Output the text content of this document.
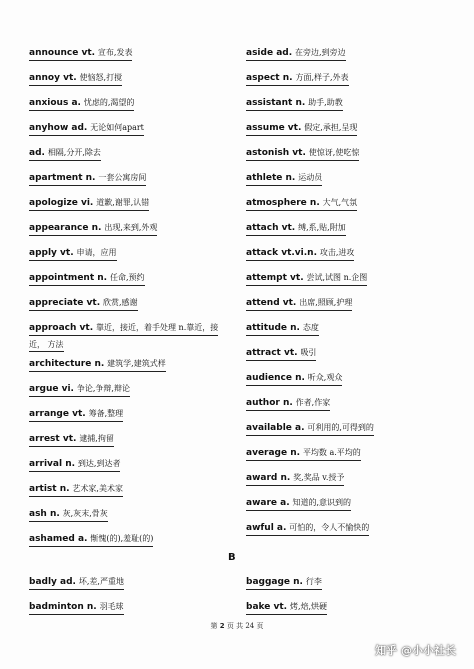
announce vt. 宣布,发表
annoy vt. 使恼怒,打搅
anxious a. 忧虑的,渴望的
anyhow ad. 无论如何apart
ad. 相隔,分开,除去
apartment n. 一套公寓房间
apologize vi. 道歉,谢罪,认错
appearance n. 出现,来到,外观
apply vt. 申请，应用
appointment n. 任命,预约
appreciate vt. 欣赏,感谢
approach vt. 靠近，接近，着手处理 n.靠近，接
近， 方法
architecture n. 建筑学,建筑式样
argue vi. 争论,争辩,辩论
arrange vt. 筹备,整理
arrest vt. 逮捕,拘留
arrival n. 到达,到达者
artist n. 艺术家,美术家
ash n. 灰,灰末,骨灰
ashamed a. 惭愧(的),羞耻(的)
badly ad. 坏,差,严重地
badminton n. 羽毛球
aside ad. 在旁边,到旁边
aspect n. 方面,样子,外表
assistant n. 助手,助教
assume vt. 假定,承担,呈现
astonish vt. 使惊讶,使吃惊
athlete n. 运动员
atmosphere n. 大气,气氛
attach vt. 缚,系,贴,附加
attack vt.vi.n. 攻击,进攻
attempt vt. 尝试,试图 n.企图
attend vt. 出席,照顾,护理
attitude n. 态度
attract vt. 吸引
audience n. 听众,观众
author n. 作者,作家
available a. 可利用的,可得到的
average n. 平均数 a.平均的
award n. 奖,奖品 v.授予
aware a. 知道的,意识到的
awful a. 可怕的，令人不愉快的
baggage n. 行李
bake vt. 烤,焙,烘硬
B
第 2 页 共 24 页
知乎 @小小社长
